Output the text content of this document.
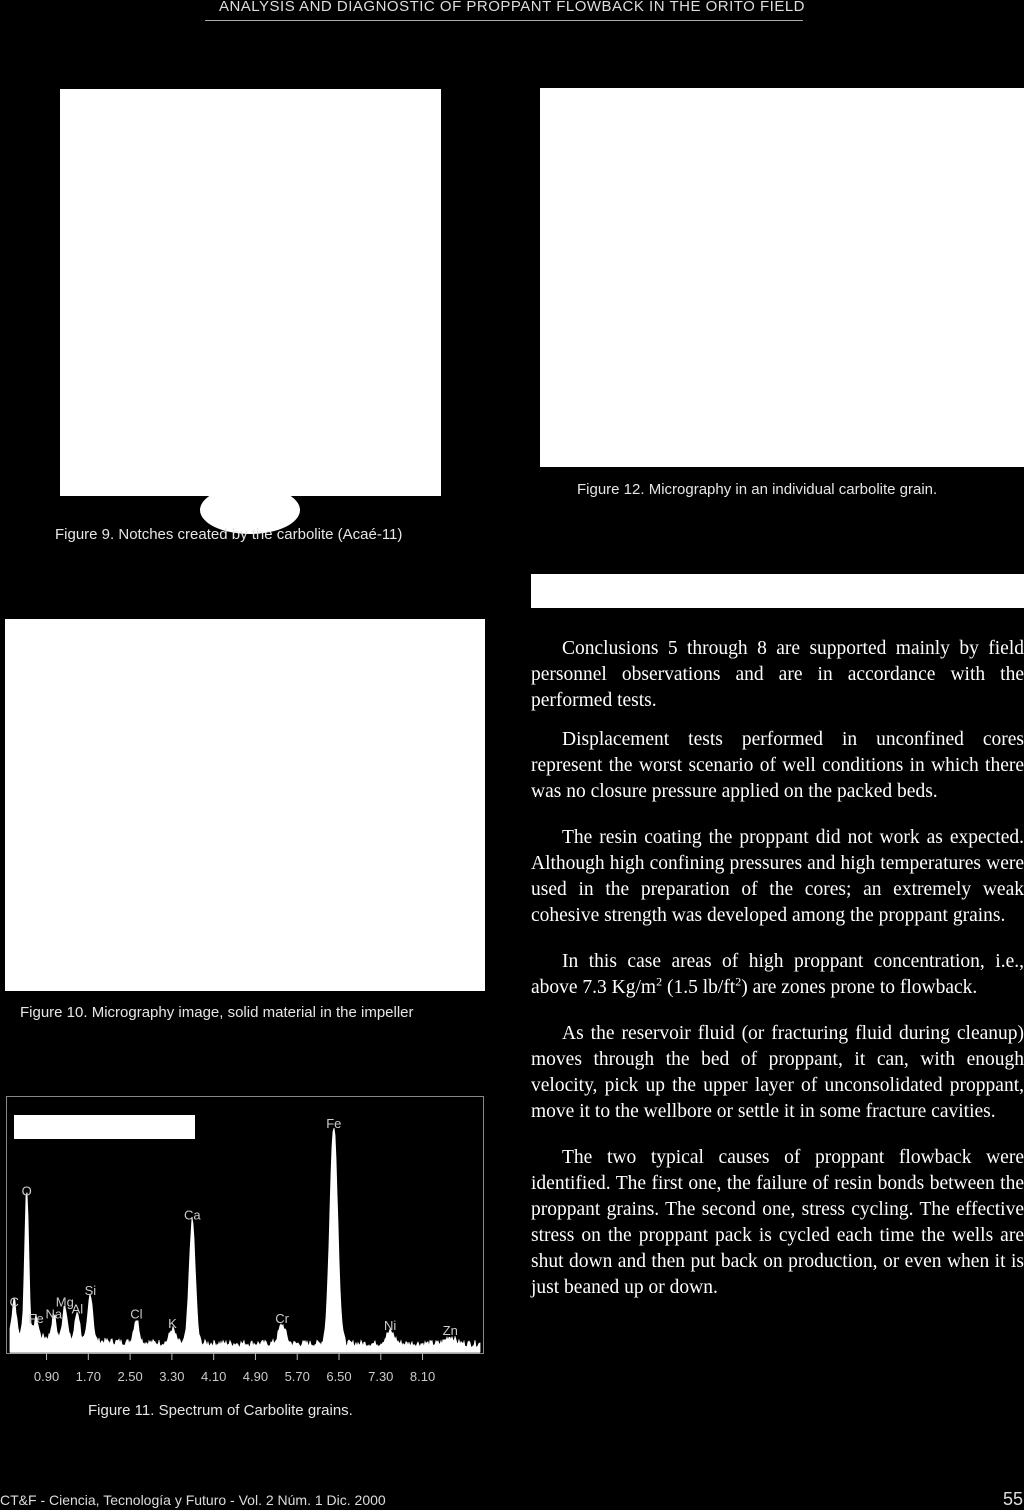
ANALYSIS AND DIAGNOSTIC OF PROPPANT FLOWBACK IN THE ORITO FIELD
Figure 9. Notches created by the carbolite (Acaé-11)
Figure 12. Micrography in an individual carbolite grain.
Figure 10. Micrography image, solid material in the impeller
0.90 1.70 2.50 3.30 4.10 4.90 5.70 6.50 7.30 8.10
C
O
Fe Na
Mg
Al
Si
Cl
K
Ca
Cr
Fe
Ni	Zn
Figure 11. Spectrum of Carbolite grains.

Conclusions 5 through 8 are supported mainly by field personnel observations and are in accordance with the performed tests.

Displacement tests performed in unconfined cores represent the worst scenario of well conditions in which there was no closure pressure applied on the packed beds.

The resin coating the proppant did not work as expected. Although high confining pressures and high temperatures were used in the preparation of the cores; an extremely weak cohesive strength was developed among the proppant grains.

In this case areas of high proppant concentration, i.e., above 7.3 $Kg/m^2$ (1.5 $lb/ft^2$) are zones prone to flowback.

As the reservoir fluid (or fracturing fluid during cleanup) moves through the bed of proppant, it can, with enough velocity, pick up the upper layer of unconsolidated proppant, move it to the wellbore or settle it in some fracture cavities.

The two typical causes of proppant flowback were identified. The first one, the failure of resin bonds between the proppant grains. The second one, stress cycling. The effective stress on the proppant pack is cycled each time the wells are shut down and then put back on production, or even when it is just beaned up or down.

CT&F - Ciencia, Tecnología y Futuro - Vol. 2 Núm. 1 Dic. 2000	55
